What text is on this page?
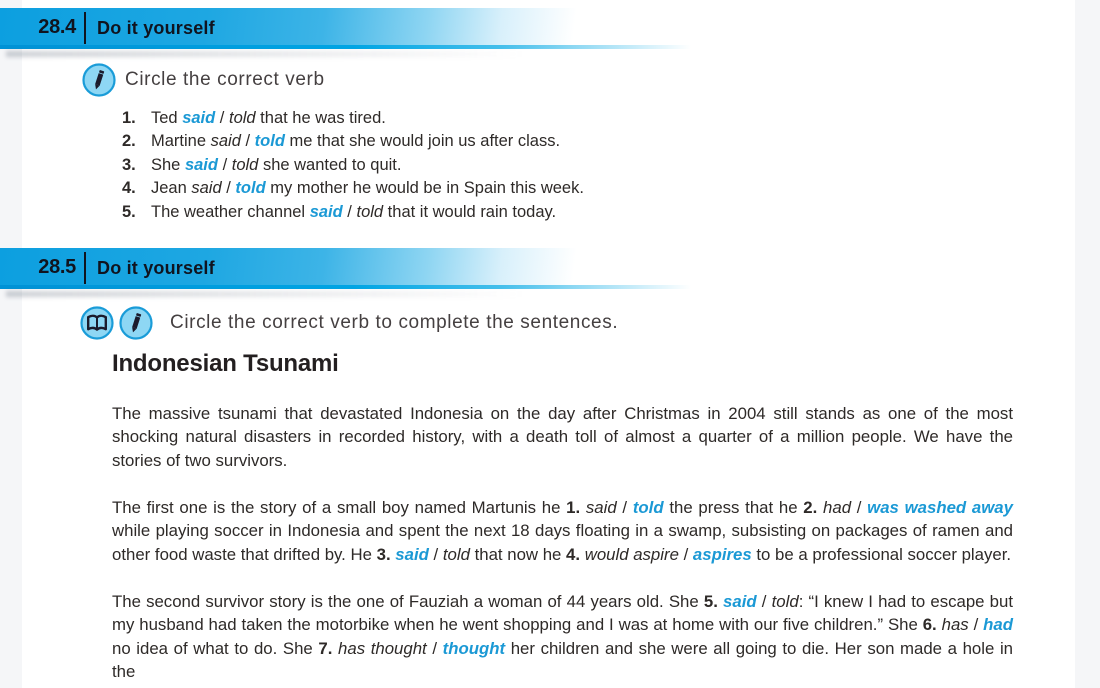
28.4 Do it yourself
Circle the correct verb
1. Ted said / told that he was tired.
2. Martine said / told me that she would join us after class.
3. She said / told she wanted to quit.
4. Jean said / told my mother he would be in Spain this week.
5. The weather channel said / told that it would rain today.
28.5 Do it yourself
Circle the correct verb to complete the sentences.
Indonesian Tsunami
The massive tsunami that devastated Indonesia on the day after Christmas in 2004 still stands as one of the most shocking natural disasters in recorded history, with a death toll of almost a quarter of a million people. We have the stories of two survivors.
The first one is the story of a small boy named Martunis he 1. said / told the press that he 2. had / was washed away while playing soccer in Indonesia and spent the next 18 days floating in a swamp, subsisting on packages of ramen and other food waste that drifted by. He 3. said / told that now he 4. would aspire / aspires to be a professional soccer player.
The second survivor story is the one of Fauziah a woman of 44 years old. She 5. said / told: “I knew I had to escape but my husband had taken the motorbike when he went shopping and I was at home with our five children.” She 6. has / had no idea of what to do. She 7. has thought / thought her children and she were all going to die. Her son made a hole in the
